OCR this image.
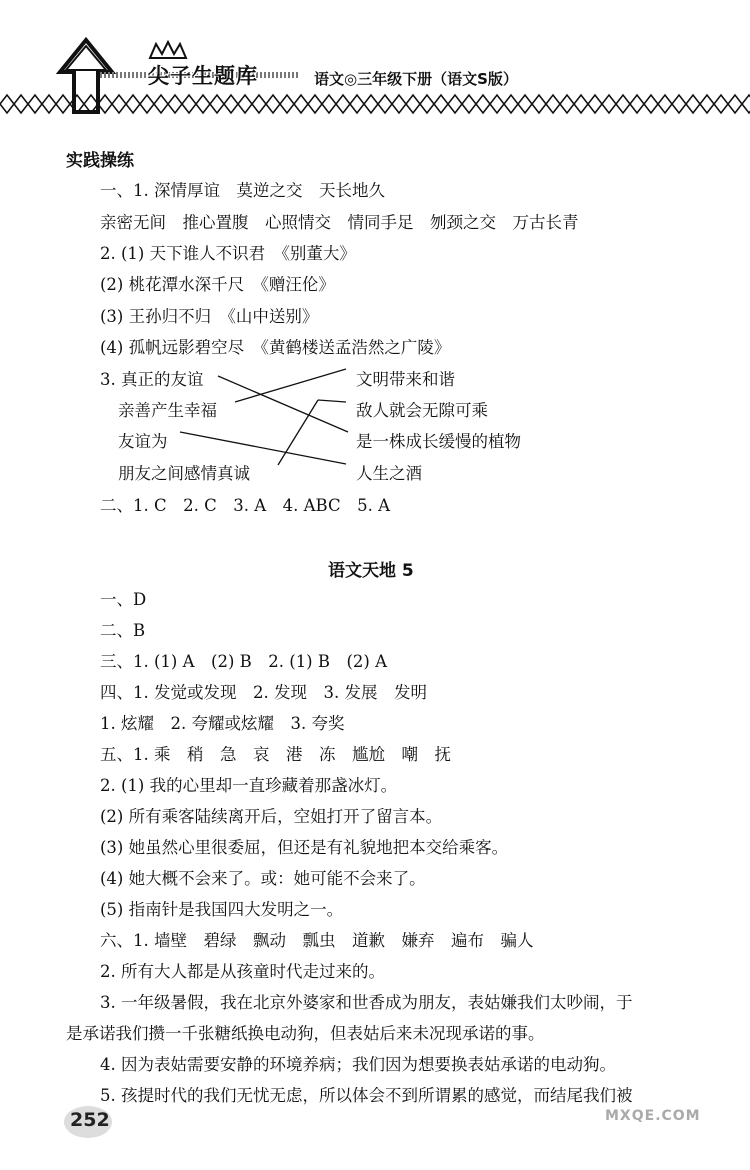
尖子生题库	语文◎三年级下册（语文S版）
实践操练
一、1. 深情厚谊　莫逆之交　天长地久
亲密无间　推心置腹　心照情交　情同手足　刎颈之交　万古长青
2. (1) 天下谁人不识君　《别董大》
(2) 桃花潭水深千尺　《赠汪伦》
(3) 王孙归不归　《山中送别》
(4) 孤帆远影碧空尽　《黄鹤楼送孟浩然之广陵》
3. 真正的友谊
亲善产生幸福
友谊为
朋友之间感情真诚
文明带来和谐
敌人就会无隙可乘
是一株成长缓慢的植物
人生之酒
二、1. C　2. C　3. A　4. ABC　5. A
语文天地 5
一、D
二、B
三、1. (1) A　(2) B　2. (1) B　(2) A
四、1. 发觉或发现　2. 发现　3. 发展　发明
1. 炫耀　2. 夸耀或炫耀　3. 夸奖
五、1. 乘　稍　急　哀　港　冻　尴尬　嘲　抚
2. (1) 我的心里却一直珍藏着那盏冰灯。
(2) 所有乘客陆续离开后，空姐打开了留言本。
(3) 她虽然心里很委屈，但还是有礼貌地把本交给乘客。
(4) 她大概不会来了。或：她可能不会来了。
(5) 指南针是我国四大发明之一。
六、1. 墙壁　碧绿　飘动　瓢虫　道歉　嫌弃　遍布　骗人
2. 所有大人都是从孩童时代走过来的。
3. 一年级暑假，我在北京外婆家和世香成为朋友，表姑嫌我们太吵闹，于
是承诺我们攒一千张糖纸换电动狗，但表姑后来未况现承诺的事。
4. 因为表姑需要安静的环境养病；我们因为想要换表姑承诺的电动狗。
5. 孩提时代的我们无忧无虑，所以体会不到所谓累的感觉，而结尾我们被
252	MXQE.COM
